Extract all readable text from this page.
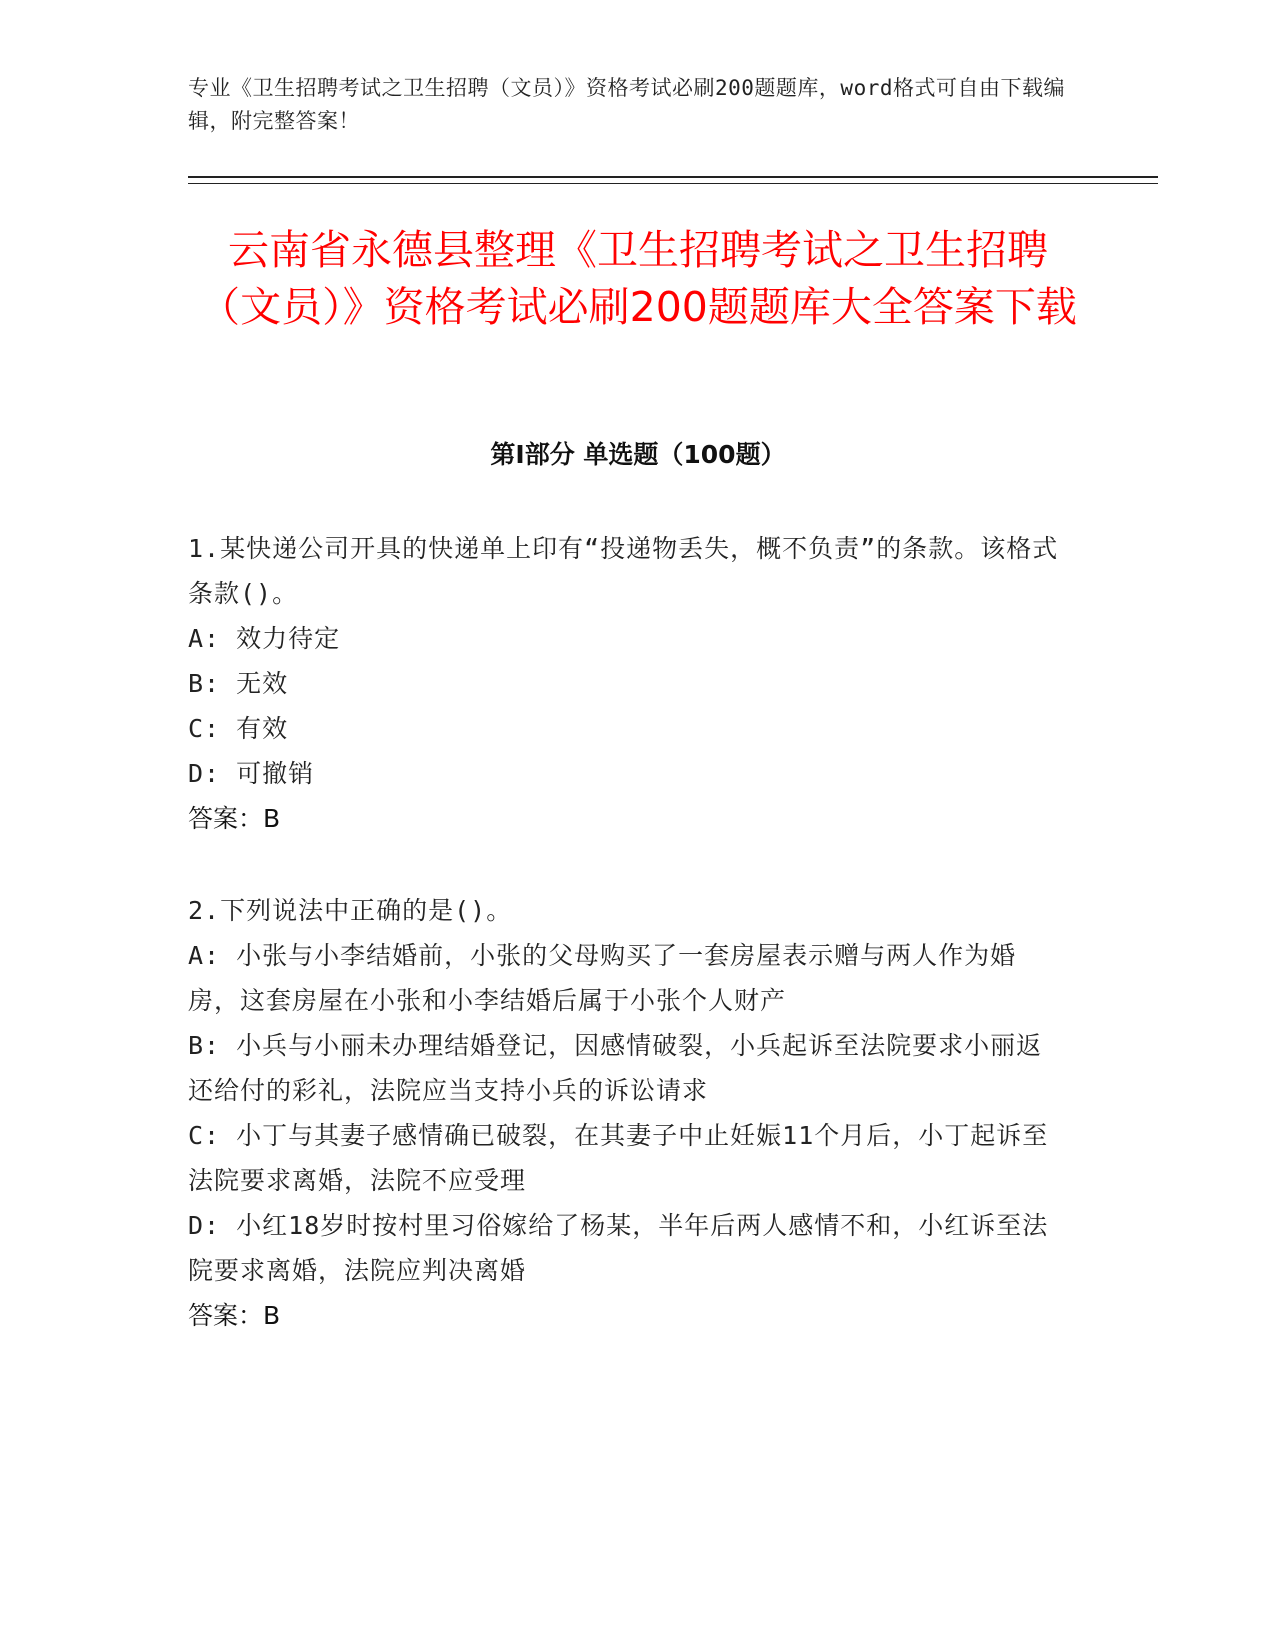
专业《卫生招聘考试之卫生招聘（文员）》资格考试必刷200题题库，word格式可自由下载编辑，附完整答案！
云南省永德县整理《卫生招聘考试之卫生招聘（文员）》资格考试必刷200题题库大全答案下载
第Ⅰ部分 单选题（100题）
1.某快递公司开具的快递单上印有“投递物丢失，概不负责”的条款。该格式条款()。
A: 效力待定
B: 无效
C: 有效
D: 可撤销
答案：B
2.下列说法中正确的是()。
A: 小张与小李结婚前，小张的父母购买了一套房屋表示赠与两人作为婚房，这套房屋在小张和小李结婚后属于小张个人财产
B: 小兵与小丽未办理结婚登记，因感情破裂，小兵起诉至法院要求小丽返还给付的彩礼，法院应当支持小兵的诉讼请求
C: 小丁与其妻子感情确已破裂，在其妻子中止妊娠11个月后，小丁起诉至法院要求离婚，法院不应受理
D: 小红18岁时按村里习俗嫁给了杨某，半年后两人感情不和，小红诉至法院要求离婚，法院应判决离婚
答案：B
